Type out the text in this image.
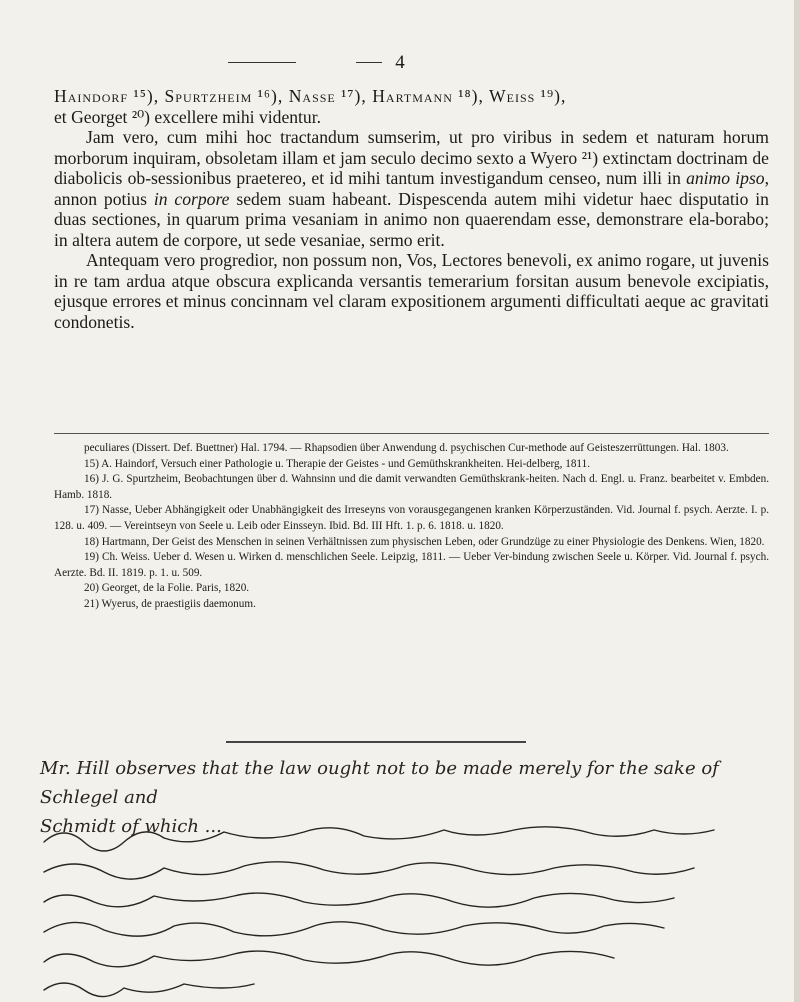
4

Haindorf ¹⁵), Spurtzheim ¹⁶), Nasse ¹⁷), Hartmann ¹⁸), Weiss ¹⁹),

et Georget ²⁰) excellere mihi videntur.

Jam vero, cum mihi hoc tractandum sumserim, ut pro viribus in sedem et naturam horum morborum inquiram, obsoletam illam et jam seculo decimo sexto a Wyero ²¹) extinctam doctrinam de diabolicis ob-sessionibus praetereo, et id mihi tantum investigandum censeo, num illi in animo ipso, annon potius in corpore sedem suam habeant. Dispescenda autem mihi videtur haec disputatio in duas sectiones, in quarum prima vesaniam in animo non quaerendam esse, demonstrare ela-borabo; in altera autem de corpore, ut sede vesaniae, sermo erit.

Antequam vero progredior, non possum non, Vos, Lectores benevoli, ex animo rogare, ut juvenis in re tam ardua atque obscura explicanda versantis temerarium forsitan ausum benevole excipiatis, ejusque errores et minus concinnam vel claram expositionem argumenti difficultati aeque ac gravitati condonetis.

peculiares (Dissert. Def. Buettner) Hal. 1794. — Rhapsodien über Anwendung d. psychischen Cur-methode auf Geisteszerrüttungen. Hal. 1803.

15) A. Haindorf, Versuch einer Pathologie u. Therapie der Geistes - und Gemüthskrankheiten. Hei-delberg, 1811.

16) J. G. Spurtzheim, Beobachtungen über d. Wahnsinn und die damit verwandten Gemüthskrank-heiten. Nach d. Engl. u. Franz. bearbeitet v. Embden. Hamb. 1818.

17) Nasse, Ueber Abhängigkeit oder Unabhängigkeit des Irreseyns von vorausgegangenen kranken Körperzuständen. Vid. Journal f. psych. Aerzte. I. p. 128. u. 409. — Vereintseyn von Seele u. Leib oder Einsseyn. Ibid. Bd. III Hft. 1. p. 6. 1818. u. 1820.

18) Hartmann, Der Geist des Menschen in seinen Verhältnissen zum physischen Leben, oder Grundzüge zu einer Physiologie des Denkens. Wien, 1820.

19) Ch. Weiss. Ueber d. Wesen u. Wirken d. menschlichen Seele. Leipzig, 1811. — Ueber Ver-bindung zwischen Seele u. Körper. Vid. Journal f. psych. Aerzte. Bd. II. 1819. p. 1. u. 509.

20) Georget, de la Folie. Paris, 1820.

21) Wyerus, de praestigiis daemonum.

Mr. Hill observes that the law ought not to be made merely for the sake of Schlegel and

Schmidt of which ...
